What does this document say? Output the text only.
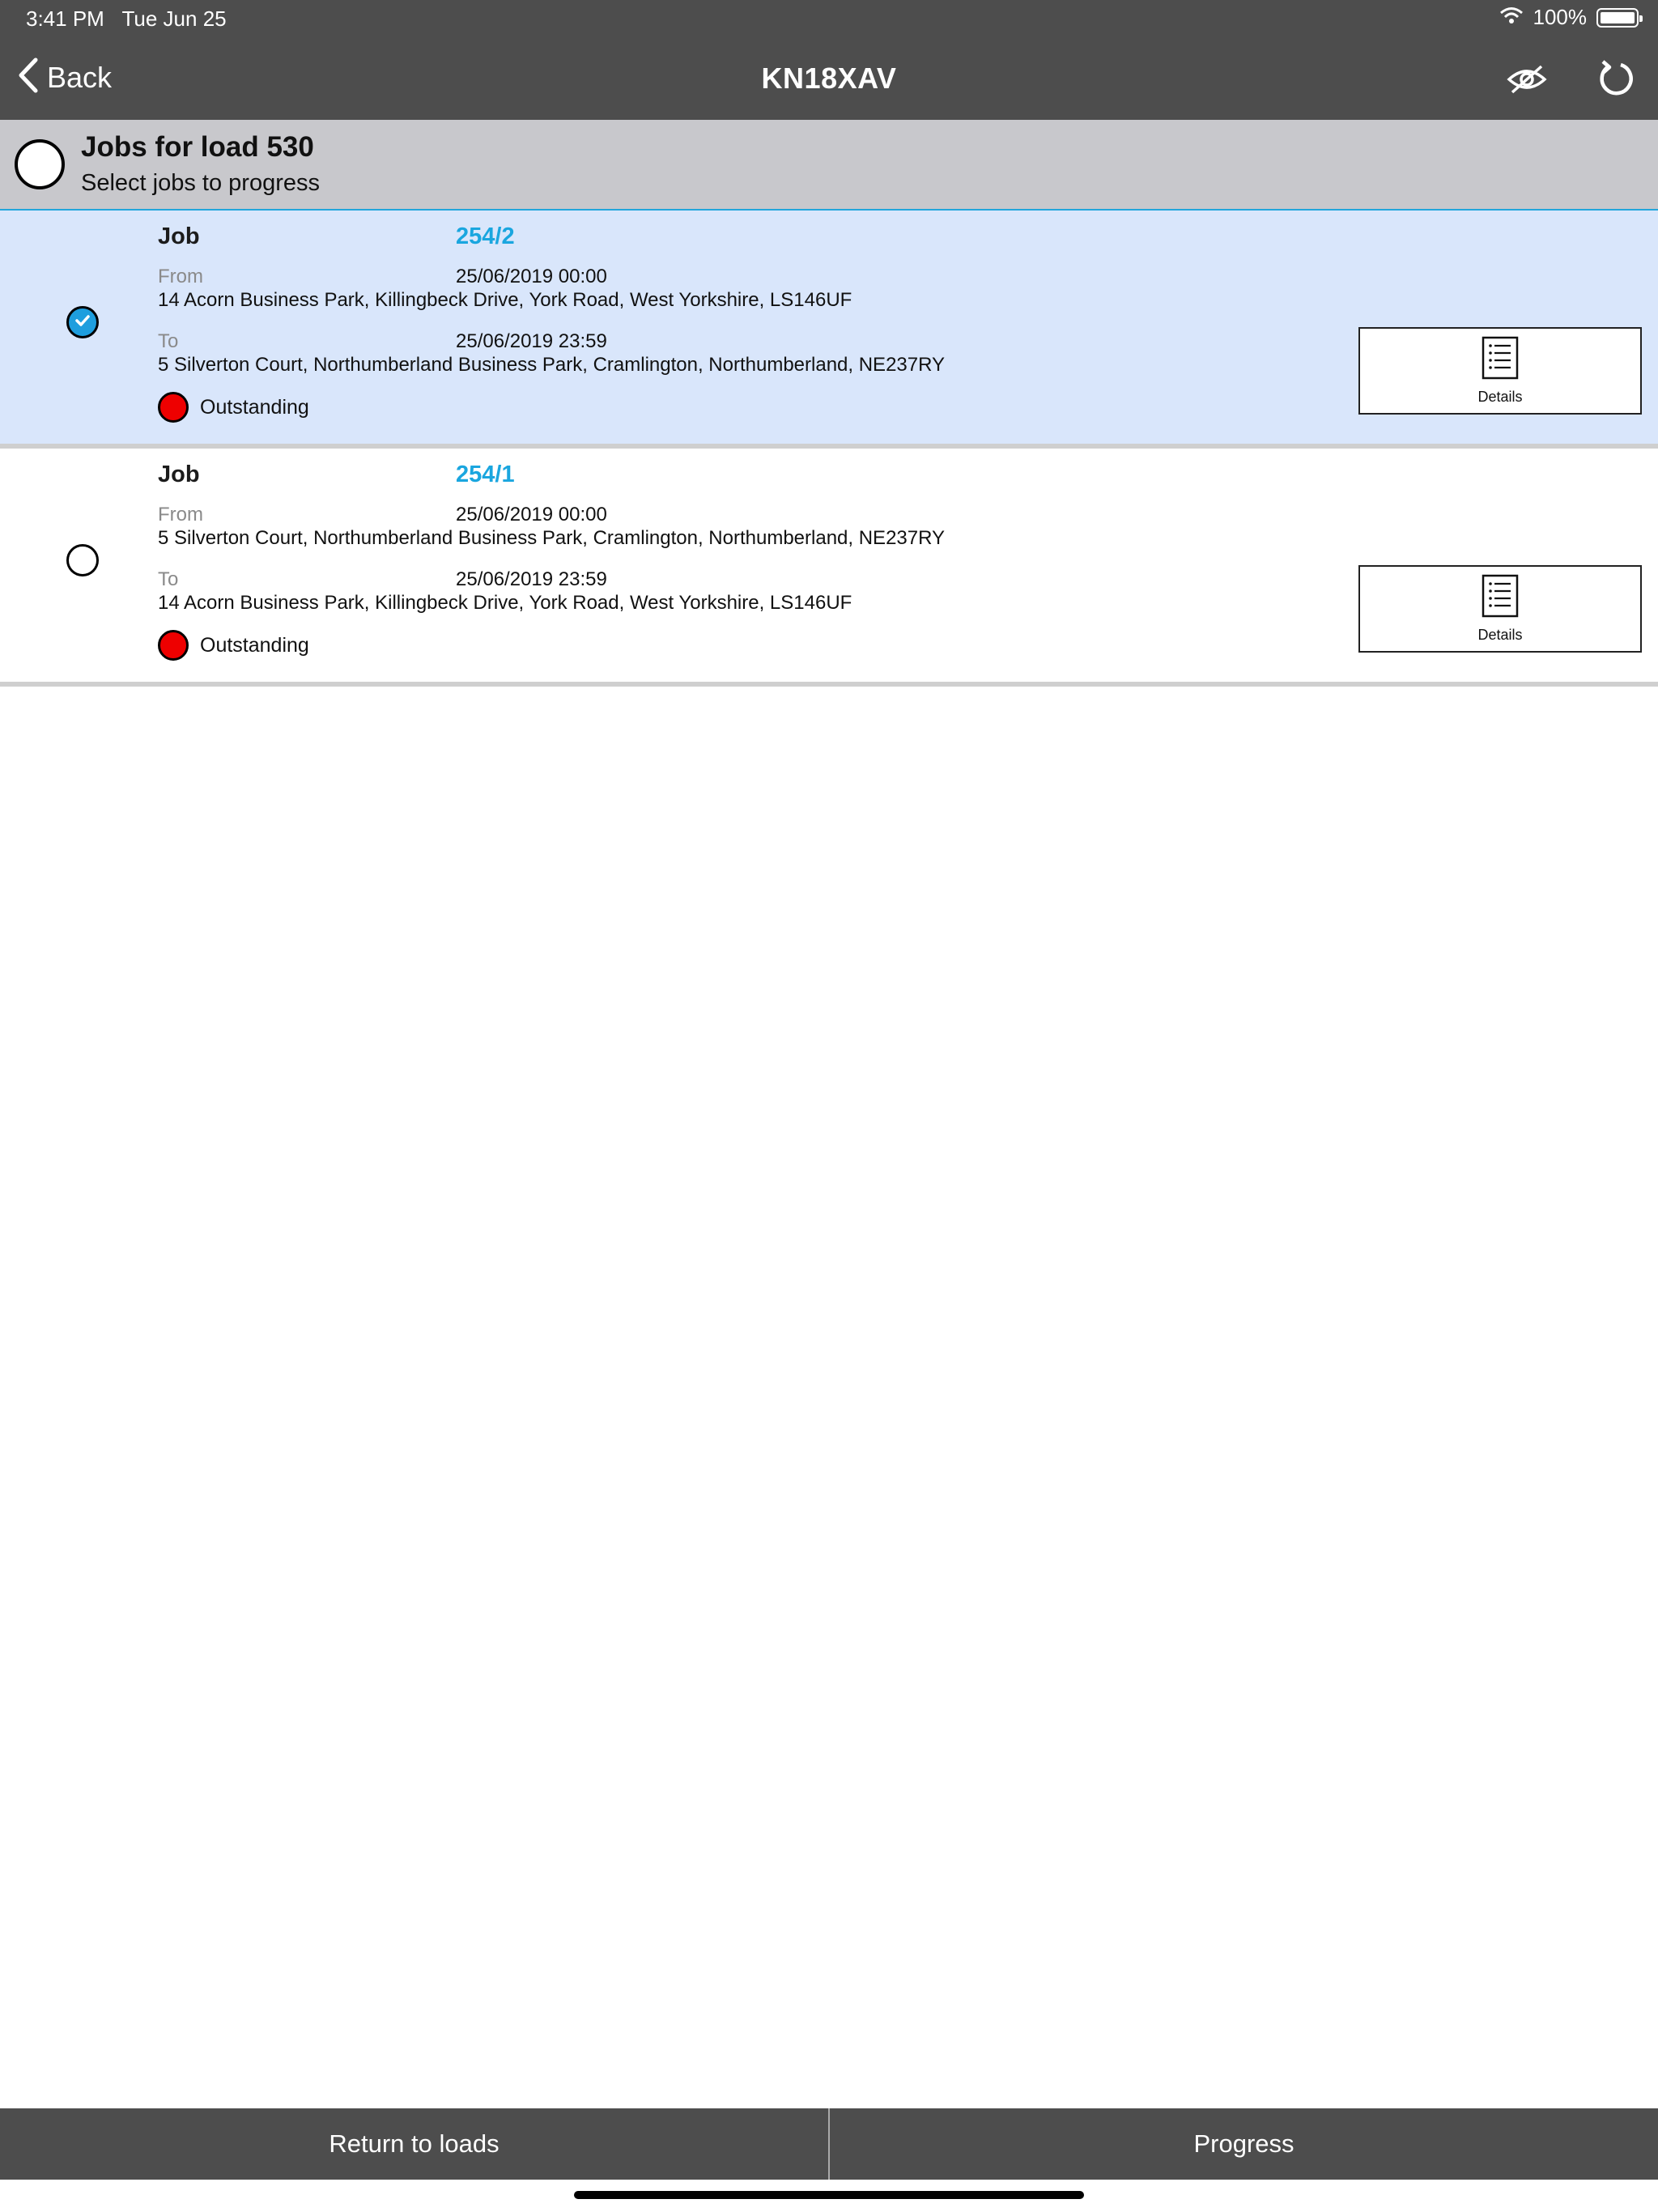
3:41 PM Tue Jun 25	100%
Back	KN18XAV
Jobs for load 530
Select jobs to progress
Job	254/2
From	25/06/2019 00:00
14 Acorn Business Park, Killingbeck Drive, York Road, West Yorkshire, LS146UF
To	25/06/2019 23:59
5 Silverton Court, Northumberland Business Park, Cramlington, Northumberland, NE237RY
Outstanding	Details
Job	254/1
From	25/06/2019 00:00
5 Silverton Court, Northumberland Business Park, Cramlington, Northumberland, NE237RY
To	25/06/2019 23:59
14 Acorn Business Park, Killingbeck Drive, York Road, West Yorkshire, LS146UF
Outstanding	Details
Return to loads	Progress
